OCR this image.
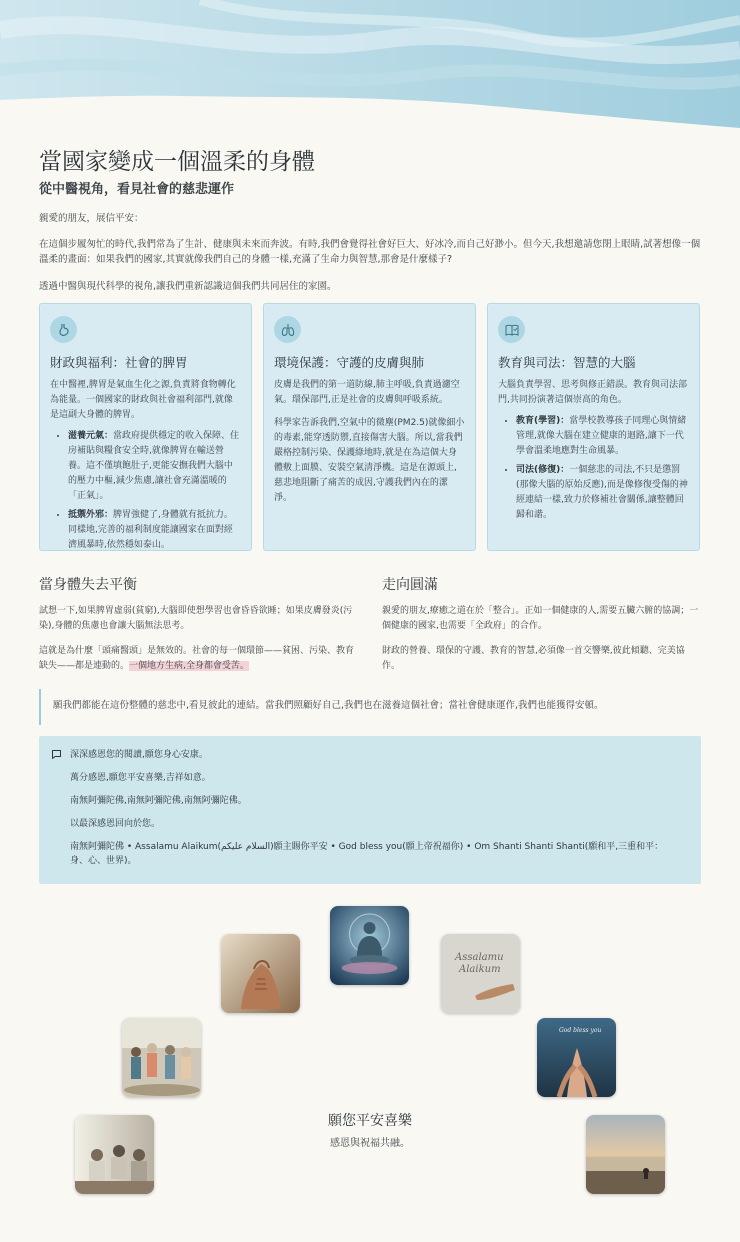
當國家變成一個溫柔的身體
從中醫視角，看見社會的慈悲運作

親愛的朋友，展信平安：

在這個步履匆忙的時代,我們常為了生計、健康與未來而奔波。有時,我們會覺得社會好巨大、好冰冷,而自己好渺小。但今天,我想邀請您閉上眼睛,試著想像一個溫柔的畫面：如果我們的國家,其實就像我們自己的身體一樣,充滿了生命力與智慧,那會是什麼樣子?

透過中醫與現代科學的視角,讓我們重新認識這個我們共同居住的家園。

財政與福利：社會的脾胃

在中醫裡,脾胃是氣血生化之源,負責將食物轉化為能量。一個國家的財政與社會福利部門,就像是這副大身體的脾胃。

• 滋養元氣：當政府提供穩定的收入保障、住房補貼與糧食安全時,就像脾胃在輸送營養。這不僅填飽肚子,更能安撫我們大腦中的壓力中樞,減少焦慮,讓社會充滿溫暖的「正氣」。
• 抵禦外邪：脾胃強健了,身體就有抵抗力。同樣地,完善的福利制度能讓國家在面對經濟風暴時,依然穩如泰山。
環境保護：守護的皮膚與肺

皮膚是我們的第一道防線,肺主呼吸,負責過濾空氣。環保部門,正是社會的皮膚與呼吸系統。

科學家告訴我們,空氣中的微塵(PM2.5)就像細小的毒素,能穿透防禦,直接傷害大腦。所以,當我們嚴格控制污染、保護綠地時,就是在為這個大身體敷上面膜、安裝空氣清淨機。這是在源頭上,慈悲地阻斷了痛苦的成因,守護我們內在的潔淨。

教育與司法：智慧的大腦

大腦負責學習、思考與修正錯誤。教育與司法部門,共同扮演著這個崇高的角色。

• 教育(學習)：當學校教導孩子同理心與情緒管理,就像大腦在建立健康的迴路,讓下一代學會溫柔地應對生命風暴。
• 司法(修復)：一個慈悲的司法,不只是懲罰(那像大腦的原始反應),而是像修復受傷的神經連結一樣,致力於修補社會關係,讓整體回歸和諧。
當身體失去平衡

試想一下,如果脾胃虛弱(貧窮),大腦即使想學習也會昏昏欲睡；如果皮膚發炎(污染),身體的焦慮也會讓大腦無法思考。

這就是為什麼「頭痛醫頭」是無效的。社會的每一個環節——貧困、污染、教育缺失——都是連動的。一個地方生病,全身都會受苦。

走向圓滿

親愛的朋友,療癒之道在於「整合」。正如一個健康的人,需要五臟六腑的協調；一個健康的國家,也需要「全政府」的合作。

財政的營養、環保的守護、教育的智慧,必須像一首交響樂,彼此傾聽、完美協作。

願我們都能在這份整體的慈悲中,看見彼此的連結。當我們照顧好自己,我們也在滋養這個社會；當社會健康運作,我們也能獲得安頓。

深深感恩您的閱讀,願您身心安康。

萬分感恩,願您平安喜樂,吉祥如意。

南無阿彌陀佛,南無阿彌陀佛,南無阿彌陀佛。

以最深感恩回向於您。

南無阿彌陀佛 • Assalamu Alaikum(السلام عليكم)願主賜你平安 • God bless you(願上帝祝福你) • Om Shanti Shanti Shanti(願和平,三重和平：身、心、世界)。

Assalamu
Alaikum
God bless you
願您平安喜樂
感恩與祝福共融。
